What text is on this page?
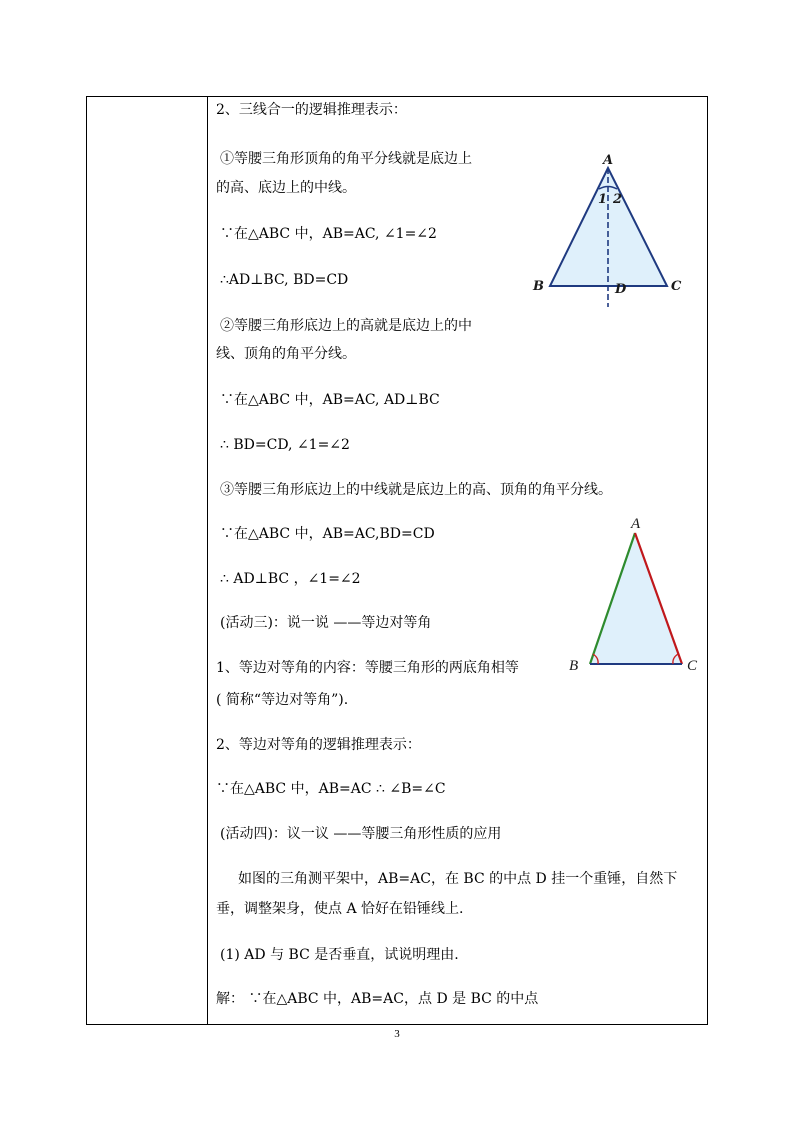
2、三线合一的逻辑推理表示：
①等腰三角形顶角的角平分线就是底边上
的高、底边上的中线。
∵在△ABC 中，AB=AC, ∠1=∠2
∴AD⊥BC, BD=CD
②等腰三角形底边上的高就是底边上的中
线、顶角的角平分线。
∵在△ABC 中，AB=AC, AD⊥BC
∴ BD=CD, ∠1=∠2
③等腰三角形底边上的中线就是底边上的高、顶角的角平分线。
∵在△ABC 中，AB=AC,BD=CD
∴ AD⊥BC ，∠1=∠2
(活动三)：说一说 ——等边对等角
1、等边对等角的内容：等腰三角形的两底角相等
( 简称“等边对等角”).
2、等边对等角的逻辑推理表示：
∵在△ABC 中，AB=AC ∴ ∠B=∠C
(活动四)：议一议 ——等腰三角形性质的应用
如图的三角测平架中，AB=AC，在 BC 的中点 D 挂一个重锤，自然下
垂，调整架身，使点 A 恰好在铅锤线上.
(1) AD 与 BC 是否垂直，试说明理由.
解： ∵在△ABC 中，AB=AC，点 D 是 BC 的中点
A
1 2
B	C
D
A
B	C
3
